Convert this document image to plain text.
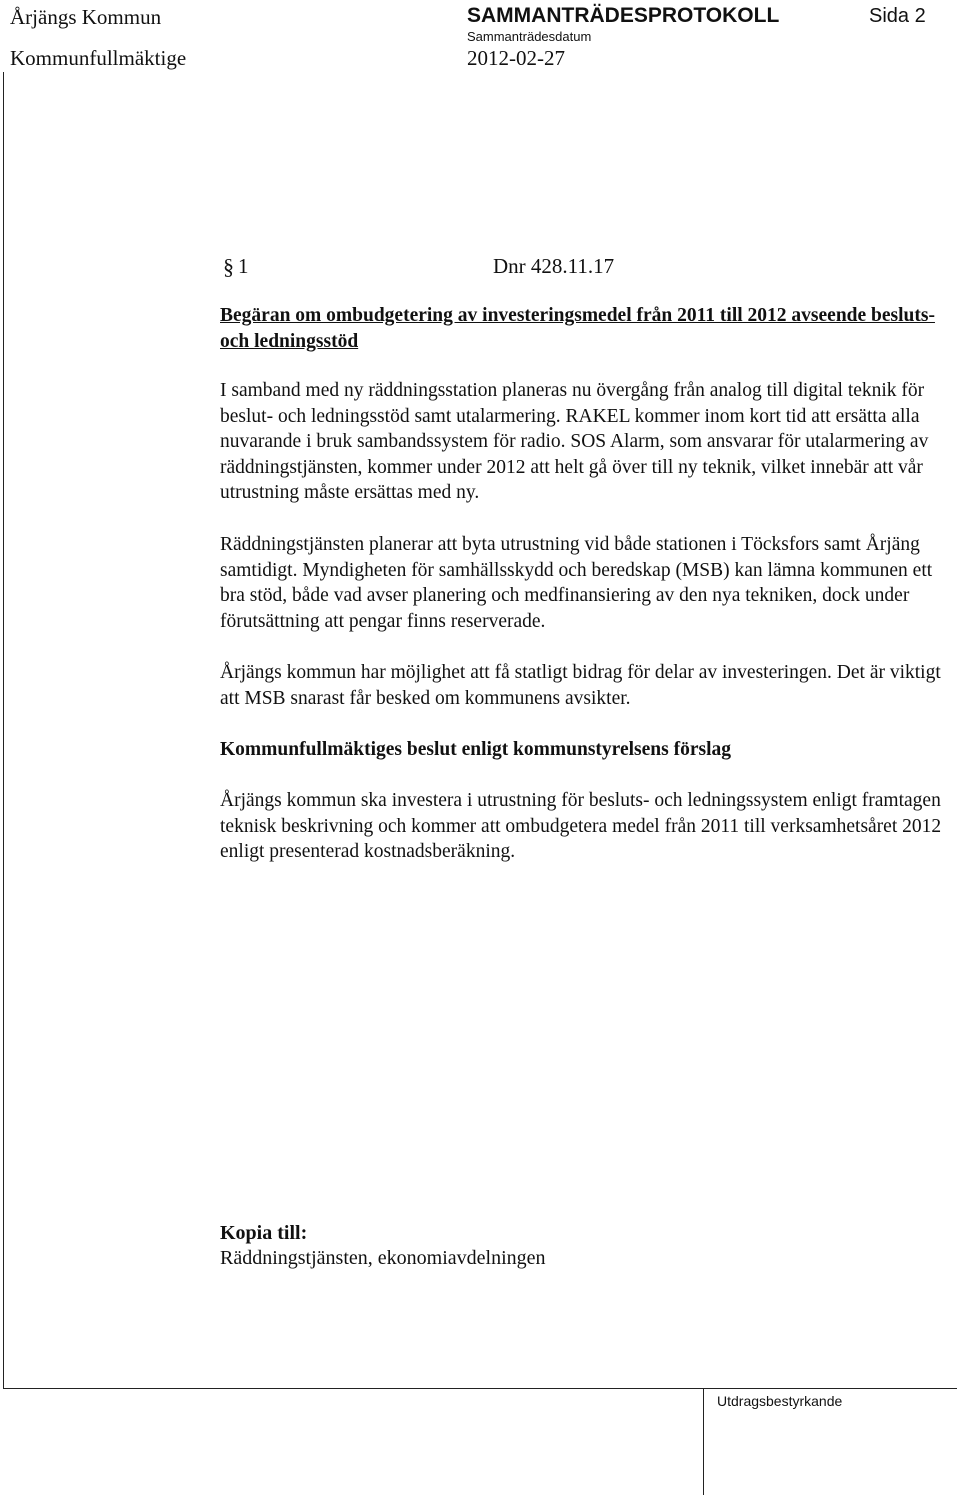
Årjängs Kommun	SAMMANTRÄDESPROTOKOLL	Sida 2
Sammanträdesdatum
Kommunfullmäktige	2012-02-27
§ 1	Dnr 428.11.17
Begäran om ombudgetering av investeringsmedel från 2011 till 2012 avseende besluts- och ledningsstöd
I samband med ny räddningsstation planeras nu övergång från analog till digital teknik för beslut- och ledningsstöd samt utalarmering. RAKEL kommer inom kort tid att ersätta alla nuvarande i bruk sambandssystem för radio. SOS Alarm, som ansvarar för utalarmering av räddningstjänsten, kommer under 2012 att helt gå över till ny teknik, vilket innebär att vår utrustning måste ersättas med ny.
Räddningstjänsten planerar att byta utrustning vid både stationen i Töcksfors samt Årjäng samtidigt. Myndigheten för samhällsskydd och beredskap (MSB) kan lämna kommunen ett bra stöd, både vad avser planering och medfinansiering av den nya tekniken, dock under förutsättning att pengar finns reserverade.
Årjängs kommun har möjlighet att få statligt bidrag för delar av investeringen. Det är viktigt att MSB snarast får besked om kommunens avsikter.
Kommunfullmäktiges beslut enligt kommunstyrelsens förslag
Årjängs kommun ska investera i utrustning för besluts- och ledningssystem enligt framtagen teknisk beskrivning och kommer att ombudgetera medel från 2011 till verksamhetsåret 2012 enligt presenterad kostnadsberäkning.
Kopia till:
Räddningstjänsten, ekonomiavdelningen
Utdragsbestyrkande
